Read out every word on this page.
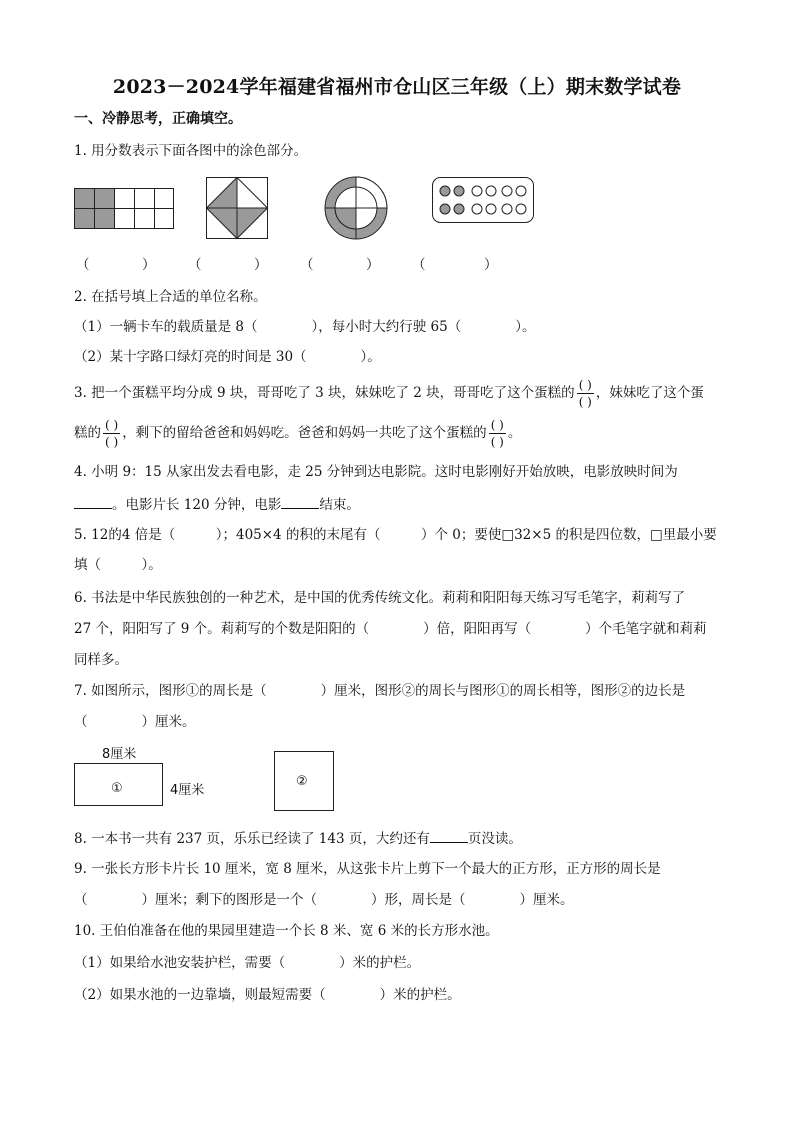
2023－2024学年福建省福州市仓山区三年级（上）期末数学试卷
一、冷静思考，正确填空。
1. 用分数表示下面各图中的涂色部分。
（	） （	） （	） （	）
2. 在括号填上合适的单位名称。
（1）一辆卡车的载质量是 8（　　　　），每小时大约行驶 65（　　　　）。
（2）某十字路口绿灯亮的时间是 30（　　　　）。
3. 把一个蛋糕平均分成 9 块，哥哥吃了 3 块，妹妹吃了 2 块，哥哥吃了这个蛋糕的 $\frac{( )}{( )}$ ，妹妹吃了这个蛋
糕的 $\frac{( )}{( )}$ ，剩下的留给爸爸和妈妈吃。爸爸和妈妈一共吃了这个蛋糕的 $\frac{( )}{( )}$ 。
4. 小明 9：15 从家出发去看电影，走 25 分钟到达电影院。这时电影刚好开始放映，电影放映时间为
。电影片长 120 分钟，电影	结束。
5. 12的4 倍是（　　　）；405×4 的积的末尾有（　　　）个 0；要使□32×5 的积是四位数，□里最小要
填（　　　）。
6. 书法是中华民族独创的一种艺术，是中国的优秀传统文化。莉莉和阳阳每天练习写毛笔字，莉莉写了
27 个，阳阳写了 9 个。莉莉写的个数是阳阳的（　　　　）倍，阳阳再写（　　　　）个毛笔字就和莉莉
同样多。
7. 如图所示，图形①的周长是（　　　　）厘米，图形②的周长与图形①的周长相等，图形②的边长是
（　　　　）厘米。
8厘米
①	4厘米
②
8. 一本书一共有 237 页，乐乐已经读了 143 页，大约还有	页没读。
9. 一张长方形卡片长 10 厘米，宽 8 厘米，从这张卡片上剪下一个最大的正方形，正方形的周长是
（　　　　）厘米；剩下的图形是一个（　　　　）形，周长是（　　　　）厘米。
10. 王伯伯准备在他的果园里建造一个长 8 米、宽 6 米的长方形水池。
（1）如果给水池安装护栏，需要（　　　　）米的护栏。
（2）如果水池的一边靠墙，则最短需要（　　　　）米的护栏。
